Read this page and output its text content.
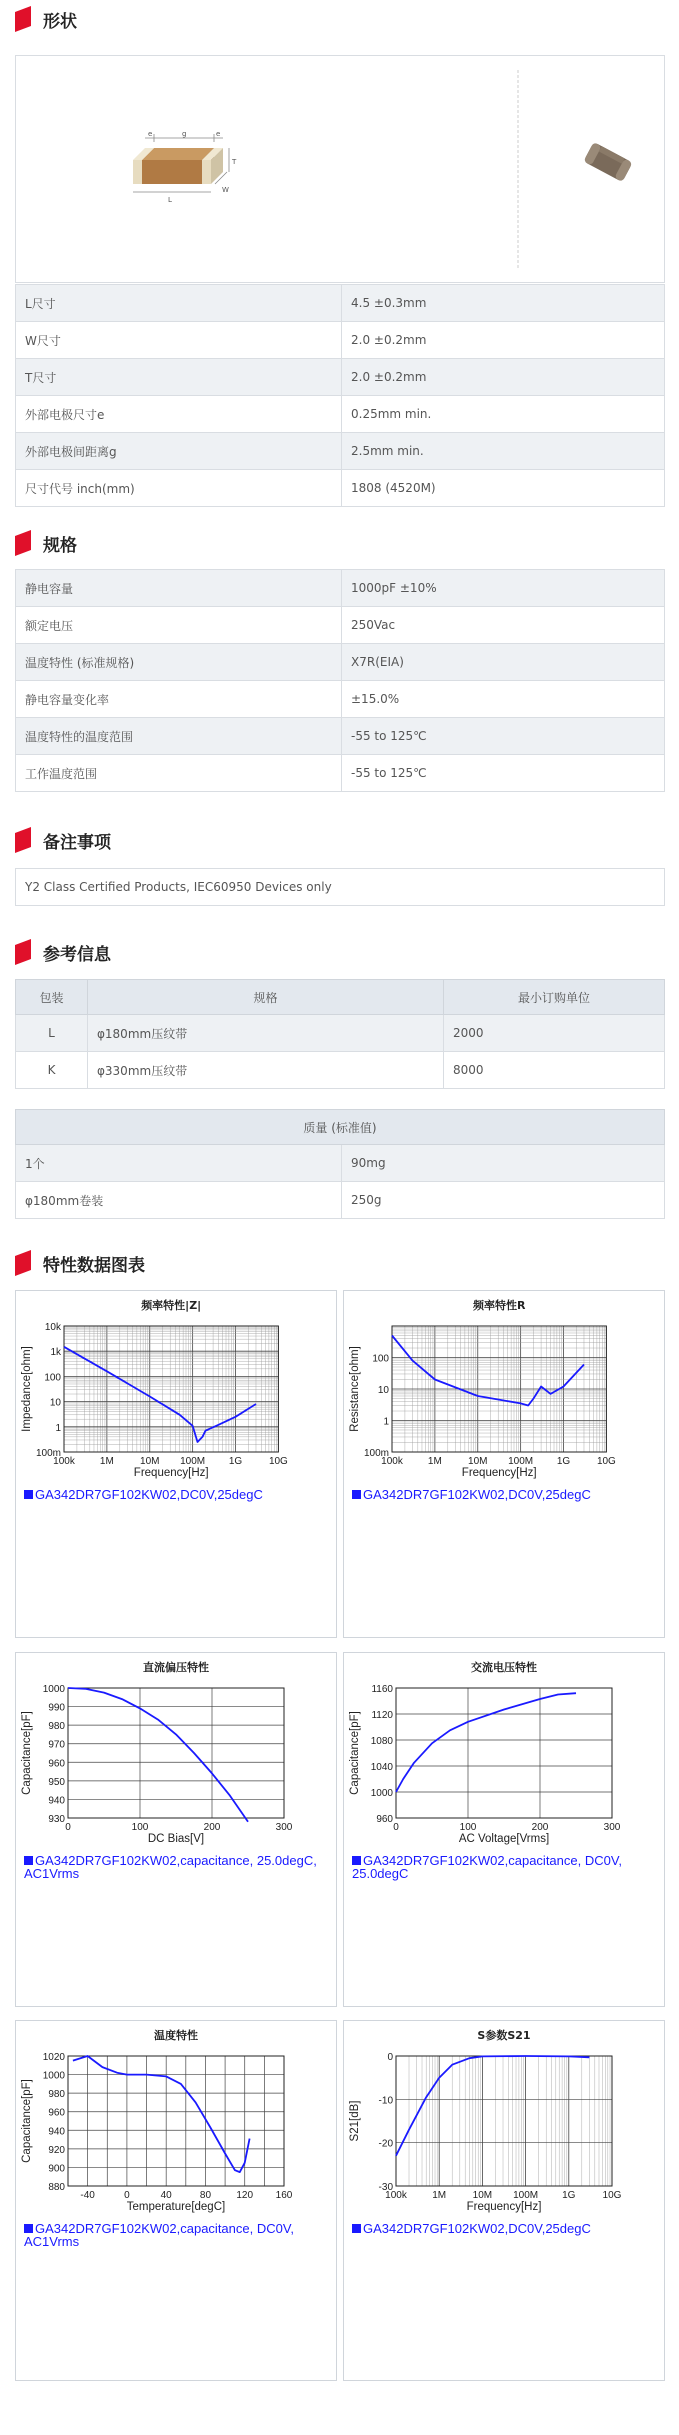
形状
e	g	e
T
L
W
L尺寸	4.5 ±0.3mm
W尺寸	2.0 ±0.2mm
T尺寸	2.0 ±0.2mm
外部电极尺寸e	0.25mm min.
外部电极间距离g	2.5mm min.
尺寸代号 inch(mm)	1808 (4520M)
规格
静电容量	1000pF ±10%
额定电压	250Vac
温度特性 (标准规格)	X7R(EIA)
静电容量变化率	±15.0%
温度特性的温度范围	-55 to 125℃
工作温度范围	-55 to 125℃
备注事项
Y2 Class Certified Products, IEC60950 Devices only
参考信息
包装	规格	最小订购单位
L	φ180mm压纹带	2000
K	φ330mm压纹带	8000
质量 (标准值)	
1个	90mg
φ180mm卷装	250g
特性数据图表
频率特性|Z|
100k	1M	10M 100M 1G	10G
100m
1
10
100
1k
10k
Frequency[Hz]
Impedance[ohm]
GA342DR7GF102KW02,DC0V,25degC
频率特性R
100k	1M	10M 100M 1G	10G
100m
1
10
100
Frequency[Hz]
Resistance[ohm]
GA342DR7GF102KW02,DC0V,25degC
直流偏压特性
0	100	200	300
930
940
950
960
970
980
990
1000
DC Bias[V]
Capacitance[pF]
GA342DR7GF102KW02,capacitance, 25.0degC, AC1Vrms
交流电压特性
0	100	200	300
960
1000
1040
1080
1120
1160
AC Voltage[Vrms]
Capacitance[pF]
GA342DR7GF102KW02,capacitance, DC0V, 25.0degC
温度特性
-40	0	40	80	120 160
880
900
920
940
960
980
1000
1020
Temperature[degC]
Capacitance[pF]
GA342DR7GF102KW02,capacitance, DC0V, AC1Vrms
S参数S21
100k	1M	10M 100M 1G	10G
-30
-20
-10
0
Frequency[Hz]
S21[dB]
GA342DR7GF102KW02,DC0V,25degC
